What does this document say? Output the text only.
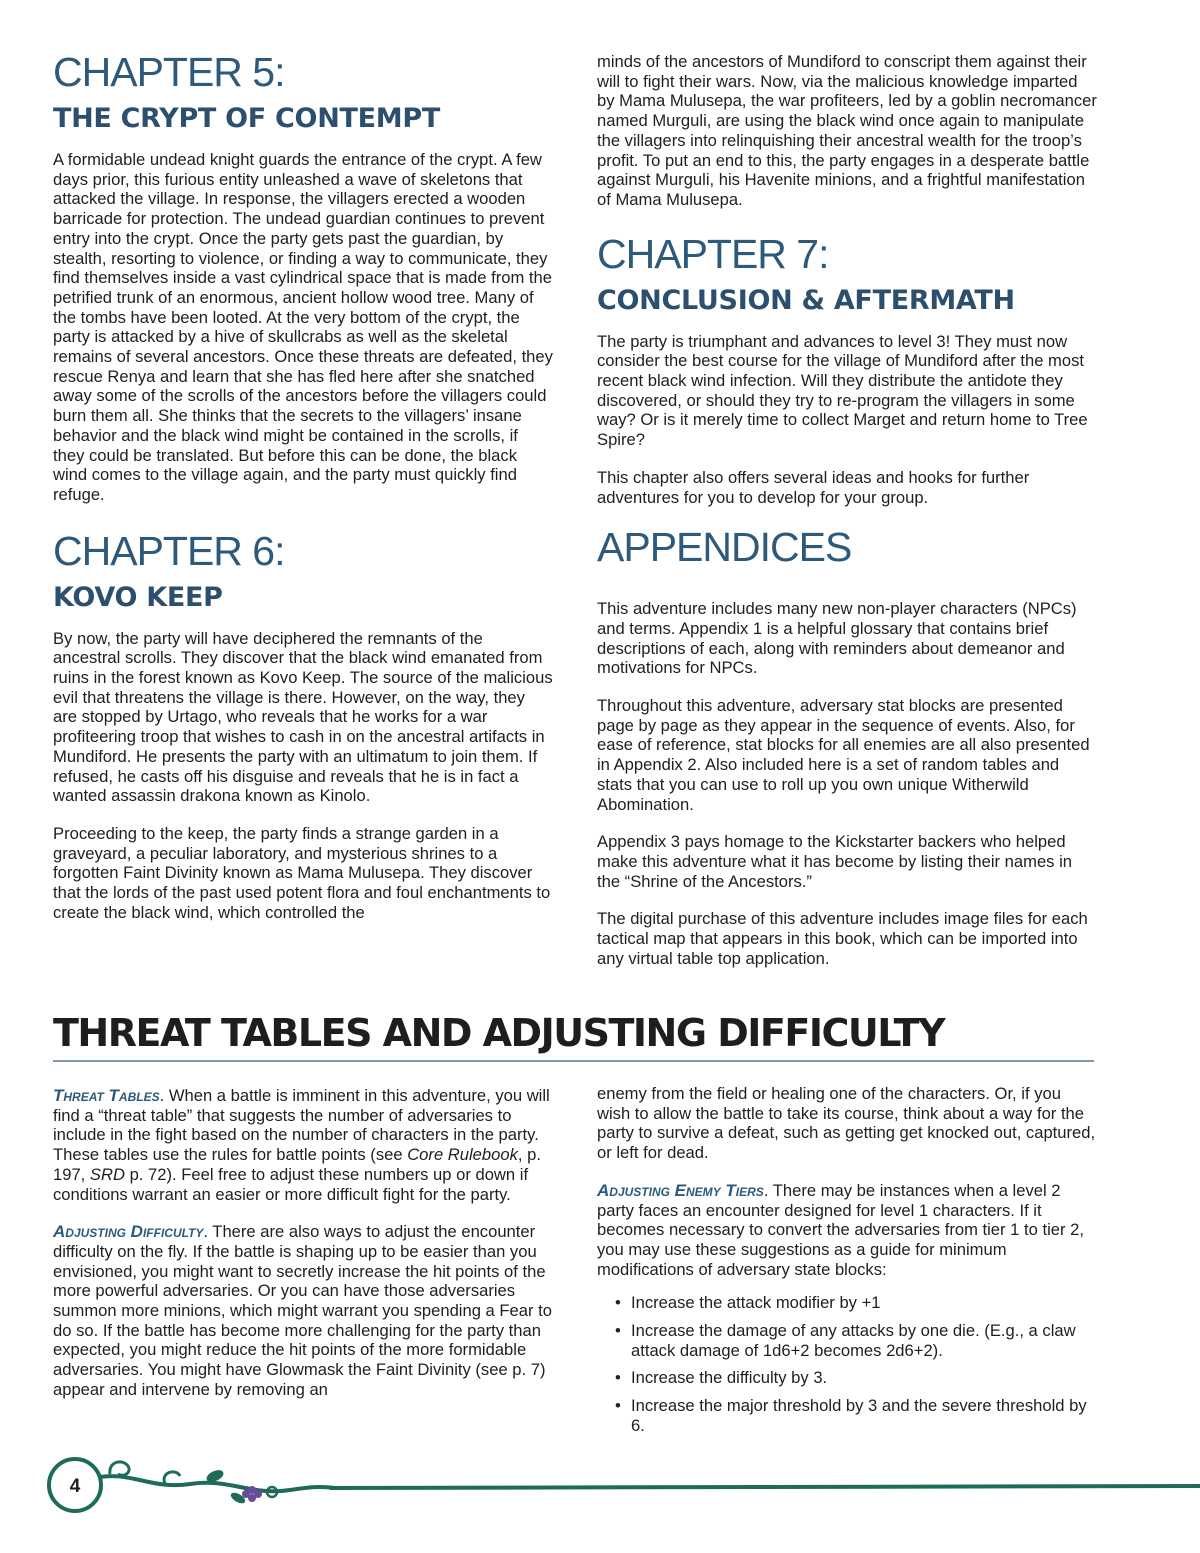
CHAPTER 5:
THE CRYPT OF CONTEMPT

A formidable undead knight guards the entrance of the crypt. A few days prior, this furious entity unleashed a wave of skeletons that attacked the village. In response, the villagers erected a wooden barricade for protection. The undead guardian continues to prevent entry into the crypt. Once the party gets past the guardian, by stealth, resorting to violence, or finding a way to communicate, they find themselves inside a vast cylindrical space that is made from the petrified trunk of an enormous, ancient hollow wood tree. Many of the tombs have been looted. At the very bottom of the crypt, the party is attacked by a hive of skullcrabs as well as the skeletal remains of several ancestors. Once these threats are defeated, they rescue Renya and learn that she has fled here after she snatched away some of the scrolls of the ancestors before the villagers could burn them all. She thinks that the secrets to the villagers’ insane behavior and the black wind might be contained in the scrolls, if they could be translated. But before this can be done, the black wind comes to the village again, and the party must quickly find refuge.

CHAPTER 6:
KOVO KEEP

By now, the party will have deciphered the remnants of the ancestral scrolls. They discover that the black wind emanated from ruins in the forest known as Kovo Keep. The source of the malicious evil that threatens the village is there. However, on the way, they are stopped by Urtago, who reveals that he works for a war profiteering troop that wishes to cash in on the ancestral artifacts in Mundiford. He presents the party with an ultimatum to join them. If refused, he casts off his disguise and reveals that he is in fact a wanted assassin drakona known as Kinolo.

Proceeding to the keep, the party finds a strange garden in a graveyard, a peculiar laboratory, and mysterious shrines to a forgotten Faint Divinity known as Mama Mulusepa. They discover that the lords of the past used potent flora and foul enchantments to create the black wind, which controlled the

minds of the ancestors of Mundiford to conscript them against their will to fight their wars. Now, via the malicious knowledge imparted by Mama Mulusepa, the war profiteers, led by a goblin necromancer named Murguli, are using the black wind once again to manipulate the villagers into relinquishing their ancestral wealth for the troop’s profit. To put an end to this, the party engages in a desperate battle against Murguli, his Havenite minions, and a frightful manifestation of Mama Mulusepa.

CHAPTER 7:
CONCLUSION & AFTERMATH

The party is triumphant and advances to level 3! They must now consider the best course for the village of Mundiford after the most recent black wind infection. Will they distribute the antidote they discovered, or should they try to re-program the villagers in some way? Or is it merely time to collect Marget and return home to Tree Spire?

This chapter also offers several ideas and hooks for further adventures for you to develop for your group.

APPENDICES

This adventure includes many new non-player characters (NPCs) and terms. Appendix 1 is a helpful glossary that contains brief descriptions of each, along with reminders about demeanor and motivations for NPCs.

Throughout this adventure, adversary stat blocks are presented page by page as they appear in the sequence of events. Also, for ease of reference, stat blocks for all enemies are all also presented in Appendix 2. Also included here is a set of random tables and stats that you can use to roll up you own unique Witherwild Abomination.

Appendix 3 pays homage to the Kickstarter backers who helped make this adventure what it has become by listing their names in the “Shrine of the Ancestors.”

The digital purchase of this adventure includes image files for each tactical map that appears in this book, which can be imported into any virtual table top application.

THREAT TABLES AND ADJUSTING DIFFICULTY

Threat Tables. When a battle is imminent in this adventure, you will find a “threat table” that suggests the number of adversaries to include in the fight based on the number of characters in the party. These tables use the rules for battle points (see Core Rulebook, p. 197, SRD p. 72). Feel free to adjust these numbers up or down if conditions warrant an easier or more difficult fight for the party.

Adjusting Difficulty. There are also ways to adjust the encounter difficulty on the fly. If the battle is shaping up to be easier than you envisioned, you might want to secretly increase the hit points of the more powerful adversaries. Or you can have those adversaries summon more minions, which might warrant you spending a Fear to do so. If the battle has become more challenging for the party than expected, you might reduce the hit points of the more formidable adversaries. You might have Glowmask the Faint Divinity (see p. 7) appear and intervene by removing an

enemy from the field or healing one of the characters. Or, if you wish to allow the battle to take its course, think about a way for the party to survive a defeat, such as getting get knocked out, captured, or left for dead.

Adjusting Enemy Tiers. There may be instances when a level 2 party faces an encounter designed for level 1 characters. If it becomes necessary to convert the adversaries from tier 1 to tier 2, you may use these suggestions as a guide for minimum modifications of adversary state blocks:

• Increase the attack modifier by +1
• Increase the damage of any attacks by one die. (E.g., a claw attack damage of 1d6+2 becomes 2d6+2).
• Increase the difficulty by 3.
• Increase the major threshold by 3 and the severe threshold by 6.
4
